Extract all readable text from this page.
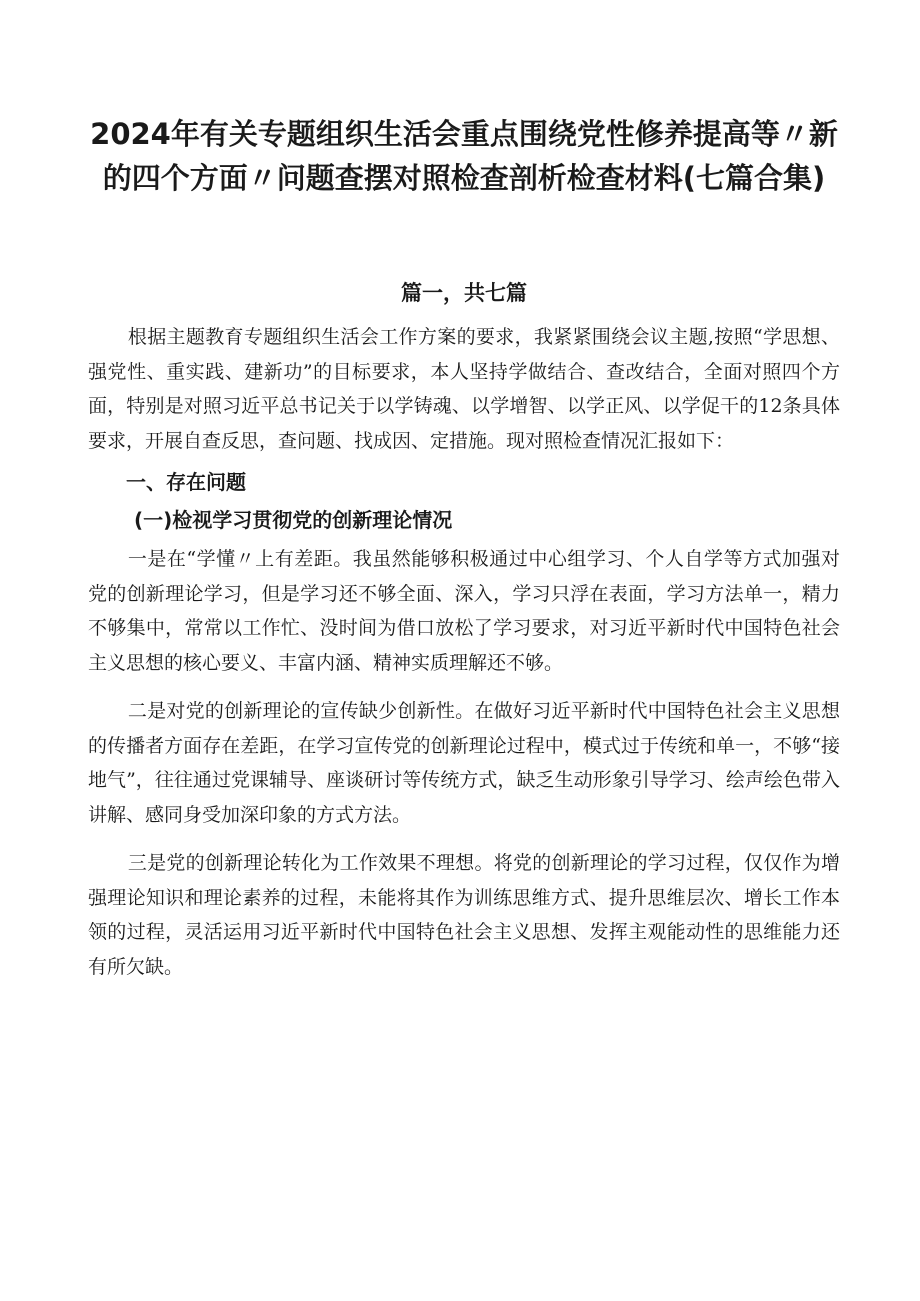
2024年有关专题组织生活会重点围绕党性修养提高等〃新的四个方面〃问题查摆对照检查剖析检查材料(七篇合集)
篇一，共七篇

根据主题教育专题组织生活会工作方案的要求，我紧紧围绕会议主题,按照“学思想、强党性、重实践、建新功”的目标要求，本人坚持学做结合、查改结合，全面对照四个方面，特别是对照习近平总书记关于以学铸魂、以学增智、以学正风、以学促干的12条具体要求，开展自查反思，查问题、找成因、定措施。现对照检查情况汇报如下：

一、存在问题
(一)检视学习贯彻党的创新理论情况

一是在“学懂〃上有差距。我虽然能够积极通过中心组学习、个人自学等方式加强对党的创新理论学习，但是学习还不够全面、深入，学习只浮在表面，学习方法单一，精力不够集中，常常以工作忙、没时间为借口放松了学习要求，对习近平新时代中国特色社会主义思想的核心要义、丰富内涵、精神实质理解还不够。

二是对党的创新理论的宣传缺少创新性。在做好习近平新时代中国特色社会主义思想的传播者方面存在差距，在学习宣传党的创新理论过程中，模式过于传统和单一，不够“接地气”，往往通过党课辅导、座谈研讨等传统方式，缺乏生动形象引导学习、绘声绘色带入讲解、感同身受加深印象的方式方法。

三是党的创新理论转化为工作效果不理想。将党的创新理论的学习过程，仅仅作为增强理论知识和理论素养的过程，未能将其作为训练思维方式、提升思维层次、增长工作本领的过程，灵活运用习近平新时代中国特色社会主义思想、发挥主观能动性的思维能力还有所欠缺。
